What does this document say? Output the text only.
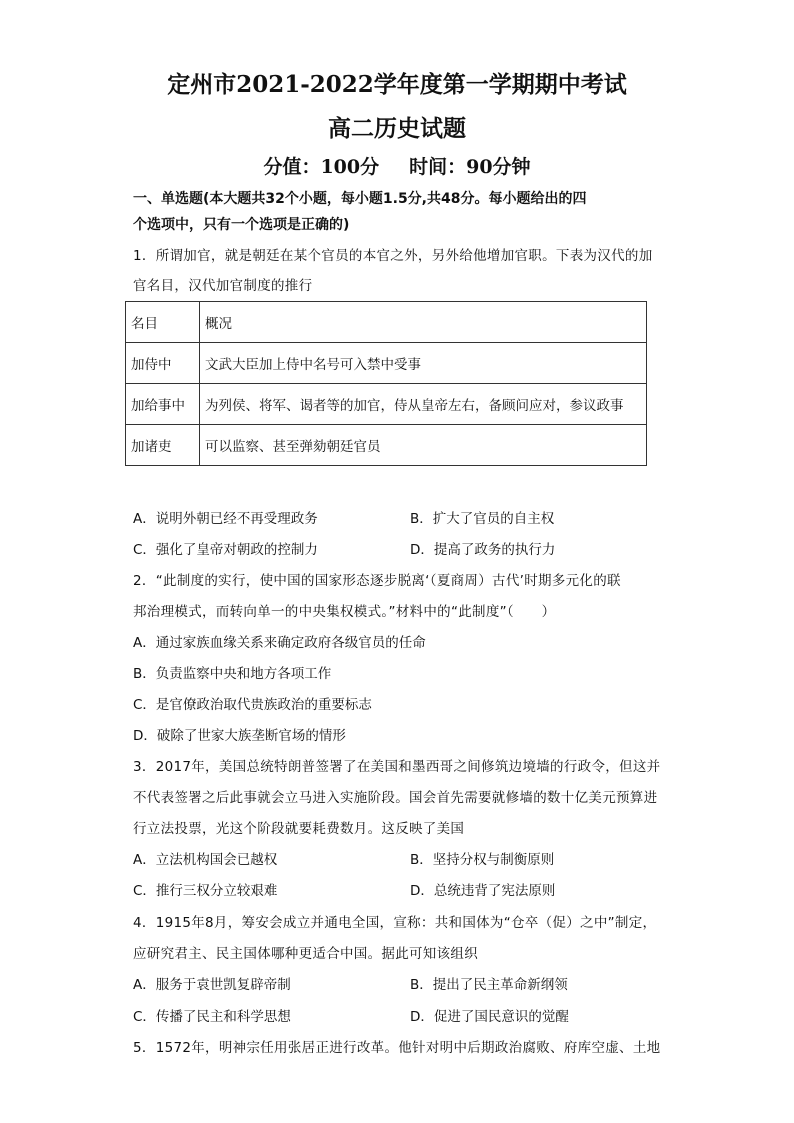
定州市2021-2022学年度第一学期期中考试
高二历史试题
分值：100分 时间：90分钟
一、单选题(本大题共32个小题，每小题1.5分,共48分。每小题给出的四
个选项中，只有一个选项是正确的)
1．所谓加官，就是朝廷在某个官员的本官之外，另外给他增加官职。下表为汉代的加
官名目，汉代加官制度的推行
名目	概况
加侍中	文武大臣加上侍中名号可入禁中受事
加给事中	为列侯、将军、谒者等的加官，侍从皇帝左右，备顾问应对，参议政事
加诸吏	可以监察、甚至弹劾朝廷官员
A．说明外朝已经不再受理政务	B．扩大了官员的自主权
C．强化了皇帝对朝政的控制力	D．提高了政务的执行力
2．“此制度的实行，使中国的国家形态逐步脱离‘（夏商周）古代’时期多元化的联
邦治理模式，而转向单一的中央集权模式。”材料中的“此制度”（　　）
A．通过家族血缘关系来确定政府各级官员的任命
B．负责监察中央和地方各项工作
C．是官僚政治取代贵族政治的重要标志
D．破除了世家大族垄断官场的情形
3．2017年，美国总统特朗普签署了在美国和墨西哥之间修筑边境墙的行政令，但这并
不代表签署之后此事就会立马进入实施阶段。国会首先需要就修墙的数十亿美元预算进
行立法投票，光这个阶段就要耗费数月。这反映了美国
A．立法机构国会已越权	B．坚持分权与制衡原则
C．推行三权分立较艰难	D．总统违背了宪法原则
4．1915年8月，筹安会成立并通电全国，宣称：共和国体为“仓卒（促）之中”制定，
应研究君主、民主国体哪种更适合中国。据此可知该组织
A．服务于袁世凯复辟帝制	B．提出了民主革命新纲领
C．传播了民主和科学思想	D．促进了国民意识的觉醒
5．1572年，明神宗任用张居正进行改革。他针对明中后期政治腐败、府库空虚、土地
